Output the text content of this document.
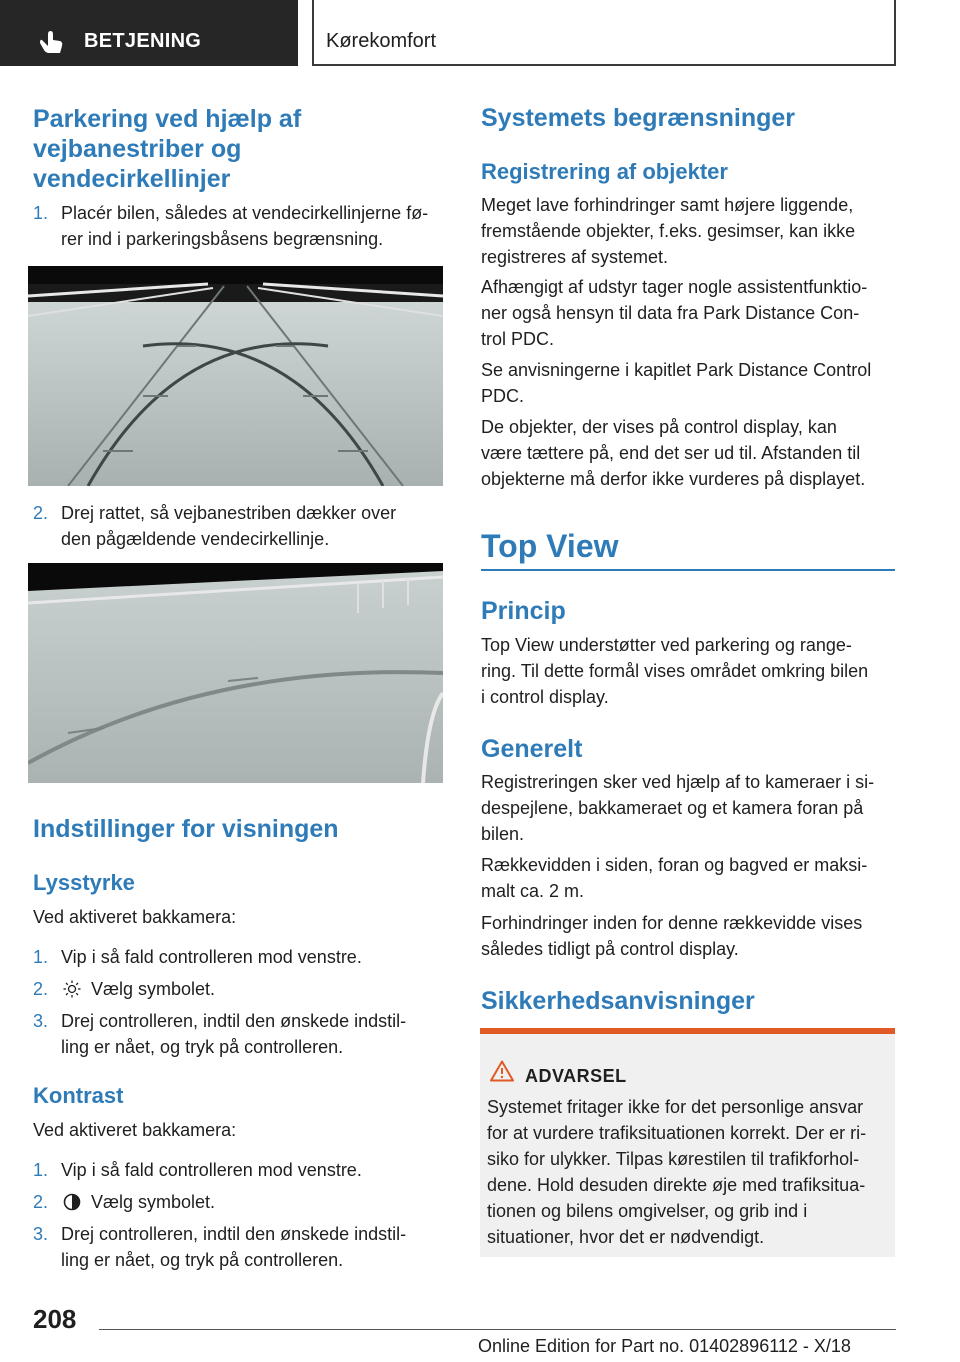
BETJENING	Kørekomfort
Parkering ved hjælp af
vejbanestriber og
vendecirkellinjer
1. Placér bilen, således at vendecirkellinjerne fø-
rer ind i parkeringsbåsens begrænsning.
2. Drej rattet, så vejbanestriben dækker over
den pågældende vendecirkellinje.
Indstillinger for visningen
Lysstyrke
Ved aktiveret bakkamera:
1. Vip i så fald controlleren mod venstre.
2. Vælg symbolet.
3. Drej controlleren, indtil den ønskede indstil-
ling er nået, og tryk på controlleren.
Kontrast
Ved aktiveret bakkamera:
1. Vip i så fald controlleren mod venstre.
2. Vælg symbolet.
3. Drej controlleren, indtil den ønskede indstil-
ling er nået, og tryk på controlleren.
Systemets begrænsninger
Registrering af objekter
Meget lave forhindringer samt højere liggende,
fremstående objekter, f.eks. gesimser, kan ikke
registreres af systemet.
Afhængigt af udstyr tager nogle assistentfunktio-
ner også hensyn til data fra Park Distance Con-
trol PDC.
Se anvisningerne i kapitlet Park Distance Control
PDC.
De objekter, der vises på control display, kan
være tættere på, end det ser ud til. Afstanden til
objekterne må derfor ikke vurderes på displayet.
Top View
Princip
Top View understøtter ved parkering og range-
ring. Til dette formål vises området omkring bilen
i control display.
Generelt
Registreringen sker ved hjælp af to kameraer i si-
despejlene, bakkameraet og et kamera foran på
bilen.
Rækkevidden i siden, foran og bagved er maksi-
malt ca. 2 m.
Forhindringer inden for denne rækkevidde vises
således tidligt på control display.
Sikkerhedsanvisninger
ADVARSEL
Systemet fritager ikke for det personlige ansvar
for at vurdere trafiksituationen korrekt. Der er ri-
siko for ulykker. Tilpas kørestilen til trafikforhol-
dene. Hold desuden direkte øje med trafiksitua-
tionen og bilens omgivelser, og grib ind i
situationer, hvor det er nødvendigt.
208
Online Edition for Part no. 01402896112 - X/18
